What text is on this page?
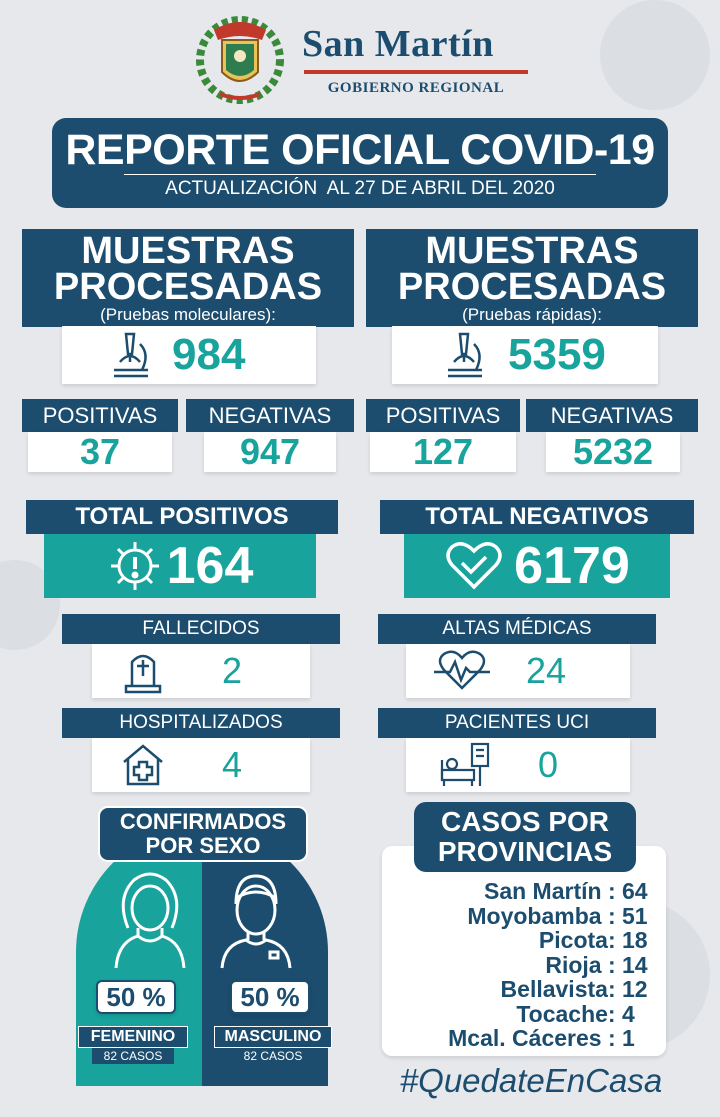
San Martín
GOBIERNO REGIONAL
REPORTE OFICIAL COVID-19
ACTUALIZACIÓN  AL 27 DE ABRIL DEL 2020
MUESTRAS
PROCESADAS
(Pruebas moleculares):
984
MUESTRAS
PROCESADAS
(Pruebas rápidas):
5359
POSITIVAS
37
NEGATIVAS
947
POSITIVAS
127
NEGATIVAS
5232
TOTAL POSITIVOS
164
TOTAL NEGATIVOS
6179
FALLECIDOS
2
ALTAS MÉDICAS
24
HOSPITALIZADOS
4
PACIENTES UCI
0
CONFIRMADOS
POR SEXO
50 %	50 %
FEMENINO
82 CASOS
MASCULINO
82 CASOS
CASOS POR
PROVINCIAS
San Martín :
64
Moyobamba :
51
Picota:
18
Rioja :
14
Bellavista:
12
Tocache:
4
Mcal. Cáceres :
1
#QuedateEnCasa
